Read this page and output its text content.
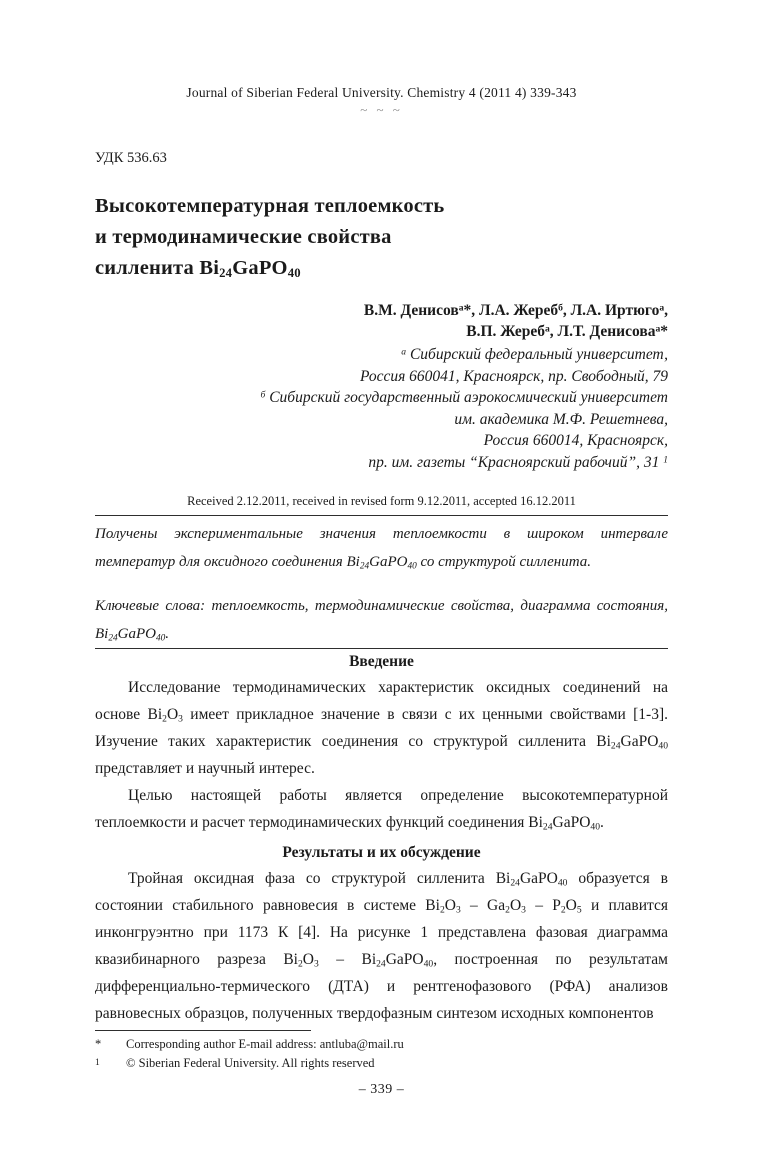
Journal of Siberian Federal University. Chemistry 4 (2011 4) 339-343
~ ~ ~
УДК 536.63
Высокотемпературная теплоемкость
и термодинамические свойства
силленита $Bi_{24}GaPO_{40}$
В.М. Денисов$^а$*, Л.А. Жереб$^б$, Л.А. Иртюго$^а$,
В.П. Жереб$^а$, Л.Т. Денисова$^а$*
$^а$ Сибирский федеральный университет,
Россия 660041, Красноярск, пр. Свободный, 79
$^б$ Сибирский государственный аэрокосмический университет
им. академика М.Ф. Решетнева,
Россия 660014, Красноярск,
пр. им. газеты “Красноярский рабочий”, 31 $^1$
Received 2.12.2011, received in revised form 9.12.2011, accepted 16.12.2011

Получены экспериментальные значения теплоемкости в широком интервале температур для оксидного соединения $Bi_{24}GaPO_{40}$ со структурой силленита.

Ключевые слова: теплоемкость, термодинамические свойства, диаграмма состояния, $Bi_{24}GaPO_{40}$.

Введение

Исследование термодинамических характеристик оксидных соединений на основе $Bi_2O_3$ имеет прикладное значение в связи с их ценными свойствами [1-3]. Изучение таких характеристик соединения со структурой силленита $Bi_{24}GaPO_{40}$ представляет и научный интерес.

Целью настоящей работы является определение высокотемпературной теплоемкости и расчет термодинамических функций соединения $Bi_{24}GaPO_{40}$.

Результаты и их обсуждение

Тройная оксидная фаза со структурой силленита $Bi_{24}GaPO_{40}$ образуется в состоянии стабильного равновесия в системе $Bi_2O_3 - Ga_2O_3 - P_2O_5$ и плавится инконгруэнтно при 1173 К [4]. На рисунке 1 представлена фазовая диаграмма квазибинарного разреза $Bi_2O_3$ – $Bi_{24}GaPO_{40}$, построенная по результатам дифференциально-термического (ДТА) и рентгенофазового (РФА) анализов равновесных образцов, полученных твердофазным синтезом исходных компонентов

*	Corresponding author E-mail address: antluba@mail.ru
1	© Siberian Federal University. All rights reserved
– 339 –
